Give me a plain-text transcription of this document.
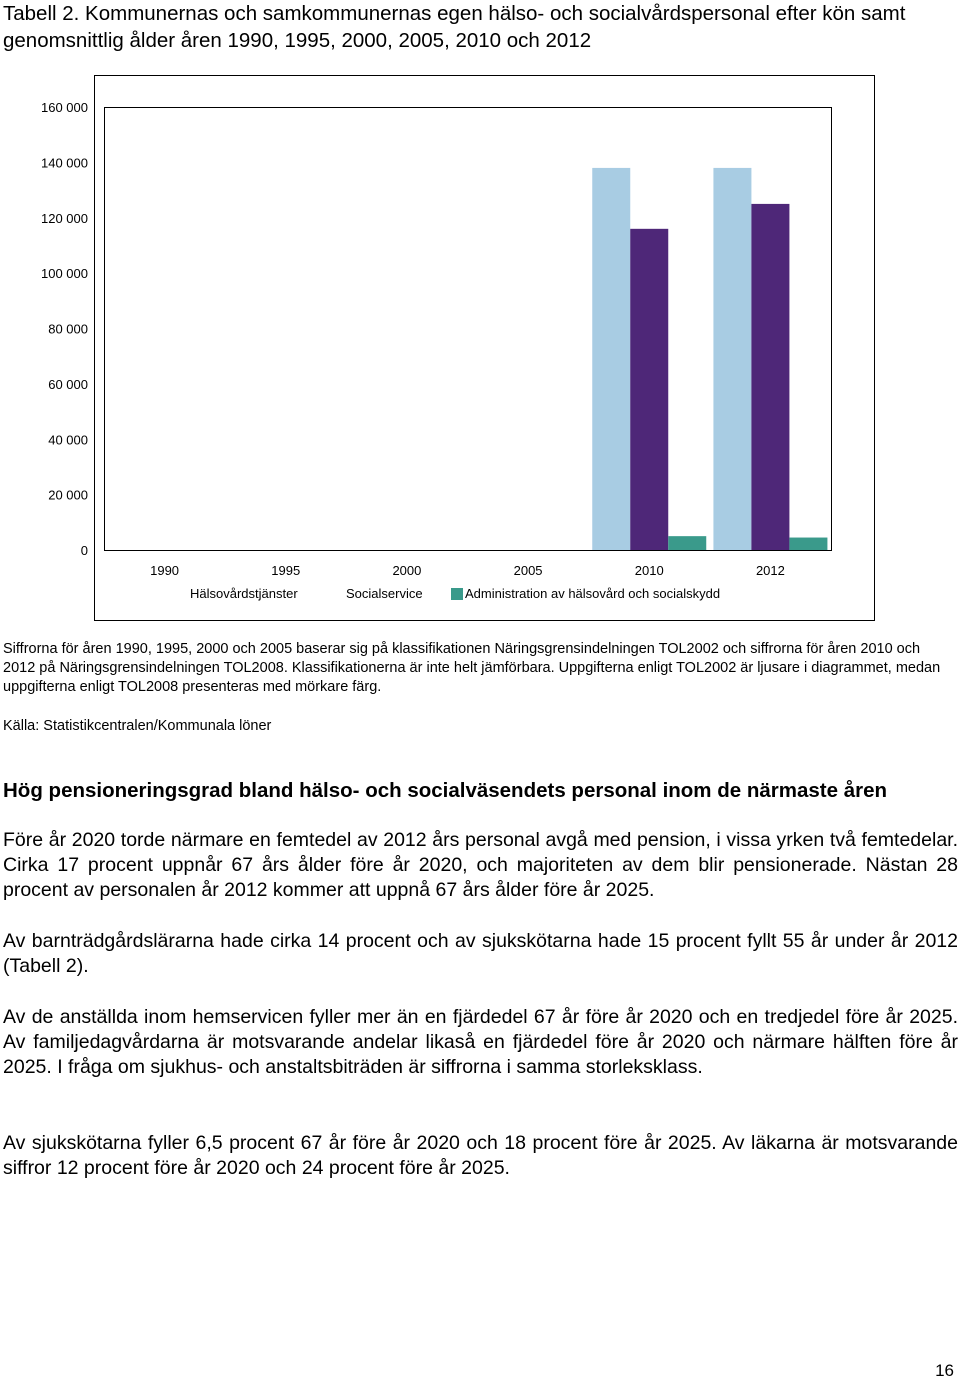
Tabell 2. Kommunernas och samkommunernas egen hälso- och socialvårdspersonal efter kön samt genomsnittlig ålder åren 1990, 1995, 2000, 2005, 2010 och 2012
0
20 000
40 000
60 000
80 000
100 000
120 000
140 000
160 000
1990	1995	2000	2005	2010	2012
Hälsovårdstjänster	Socialservice	Administration av hälsovård och socialskydd
Siffrorna för åren 1990, 1995, 2000 och 2005 baserar sig på klassifikationen Näringsgrensindelningen TOL2002 och siffrorna för åren 2010 och 2012 på Näringsgrensindelningen TOL2008. Klassifikationerna är inte helt jämförbara. Uppgifterna enligt TOL2002 är ljusare i diagrammet, medan uppgifterna enligt TOL2008 presenteras med mörkare färg.
Källa: Statistikcentralen/Kommunala löner
Hög pensioneringsgrad bland hälso- och socialväsendets personal inom de närmaste åren
Före år 2020 torde närmare en femtedel av 2012 års personal avgå med pension, i vissa yrken två femtedelar. Cirka 17 procent uppnår 67 års ålder före år 2020, och majoriteten av dem blir pensionerade. Nästan 28 procent av personalen år 2012 kommer att uppnå 67 års ålder före år 2025.
Av barnträdgårdslärarna hade cirka 14 procent och av sjukskötarna hade 15 procent fyllt 55 år under år 2012 (Tabell 2).
Av de anställda inom hemservicen fyller mer än en fjärdedel 67 år före år 2020 och en tredjedel före år 2025. Av familjedagvårdarna är motsvarande andelar likaså en fjärdedel före år 2020 och närmare hälften före år 2025. I fråga om sjukhus- och anstaltsbiträden är siffrorna i samma storleksklass.
Av sjukskötarna fyller 6,5 procent 67 år före år 2020 och 18 procent före år 2025. Av läkarna är motsvarande siffror 12 procent före år 2020 och 24 procent före år 2025.
16
